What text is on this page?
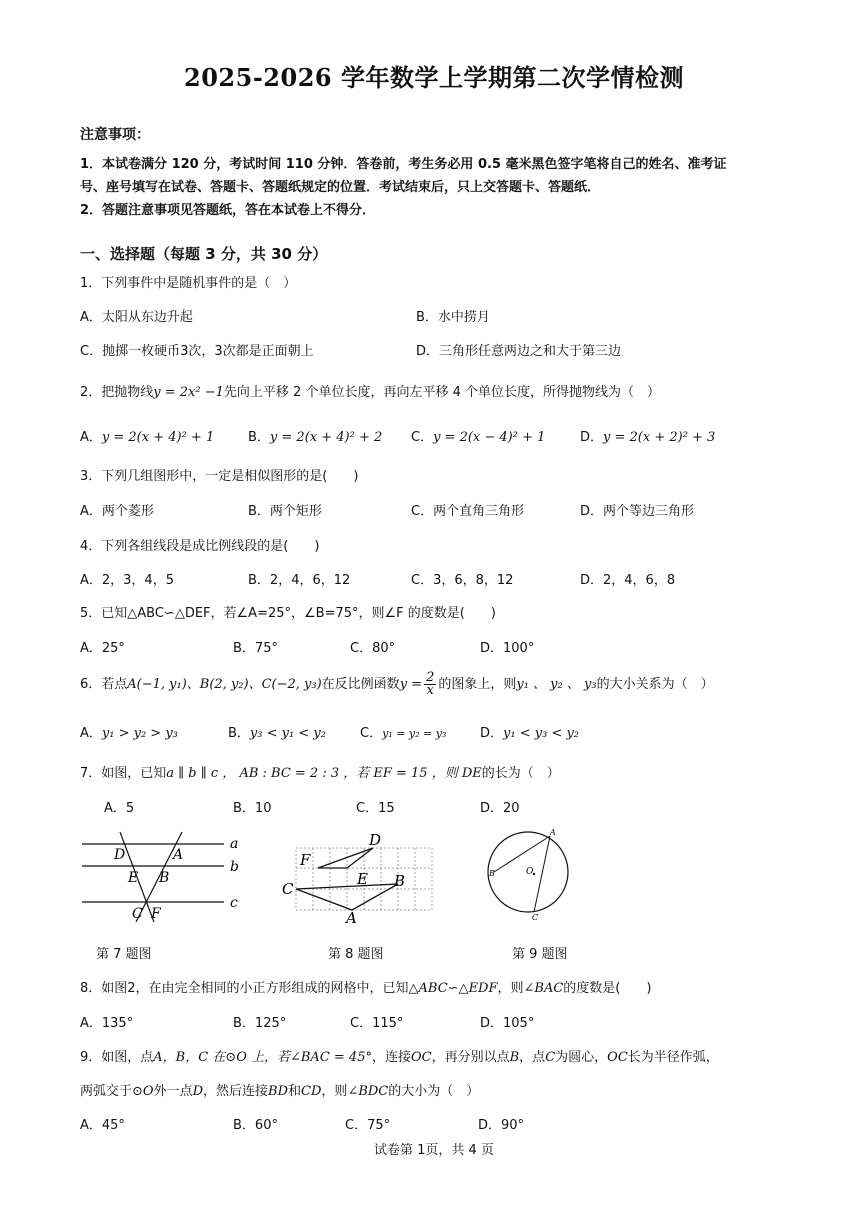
2025-2026 学年数学上学期第二次学情检测
注意事项：
1．本试卷满分 120 分，考试时间 110 分钟．答卷前，考生务必用 0.5 毫米黑色签字笔将自己的姓名、准考证
号、座号填写在试卷、答题卡、答题纸规定的位置．考试结束后，只上交答题卡、答题纸．
2．答题注意事项见答题纸，答在本试卷上不得分．
一、选择题（每题 3 分，共 30 分）
1．下列事件中是随机事件的是（　）
A．太阳从东边升起	B．水中捞月
C．抛掷一枚硬币3次，3次都是正面朝上	D．三角形任意两边之和大于第三边
2．把抛物线y = 2x² −1先向上平移 2 个单位长度，再向左平移 4 个单位长度，所得抛物线为（　）
A．y = 2(x + 4)² + 1	B．y = 2(x + 4)² + 2 C．y = 2(x − 4)² + 1	D．y = 2(x + 2)² + 3
3．下列几组图形中，一定是相似图形的是(　　)
A．两个菱形	B．两个矩形	C．两个直角三角形	D．两个等边三角形
4．下列各组线段是成比例线段的是(　　)
A．2，3，4，5	B．2，4，6，12	C．3，6，8，12	D．2，4，6，8
5．已知△ABC∽△DEF，若∠A=25°，∠B=75°，则∠F 的度数是(　　)
A．25°	B．75°	C．80°	D．100°
6．若点A(−1, y₁)、B(2, y₂)、C(−2, y₃)在反比例函数$y = \frac{2}{x}$ 的图象上，则y₁ 、 y₂ 、 y₃的大小关系为（　）
A．y₁ > y₂ > y₃	B．y₃ < y₁ < y₂	C．y₁ = y₂ = y₃	D．y₁ < y₃ < y₂
7．如图，已知a ∥ b ∥ c ， AB : BC = 2 : 3 ，若 EF = 15 ，则 DE的长为（　）
A．5	B．10	C．15	D．20
a
b
c
D	A
E B
C F
D
F
E B
C
A
A
B
C
O
第 7 题图	第 8 题图	第 9 题图
8．如图2，在由完全相同的小正方形组成的网格中，已知△ABC∽△EDF，则∠BAC的度数是(　　)
A．135°	B．125°	C．115°	D．105°
9．如图，点A，B，C 在⊙O 上，若∠BAC = 45°，连接OC，再分别以点B，点C为圆心，OC长为半径作弧，
两弧交于⊙O外一点D，然后连接BD和CD，则∠BDC的大小为（　）
A．45°	B．60°	C．75°	D．90°
试卷第 1页，共 4 页
